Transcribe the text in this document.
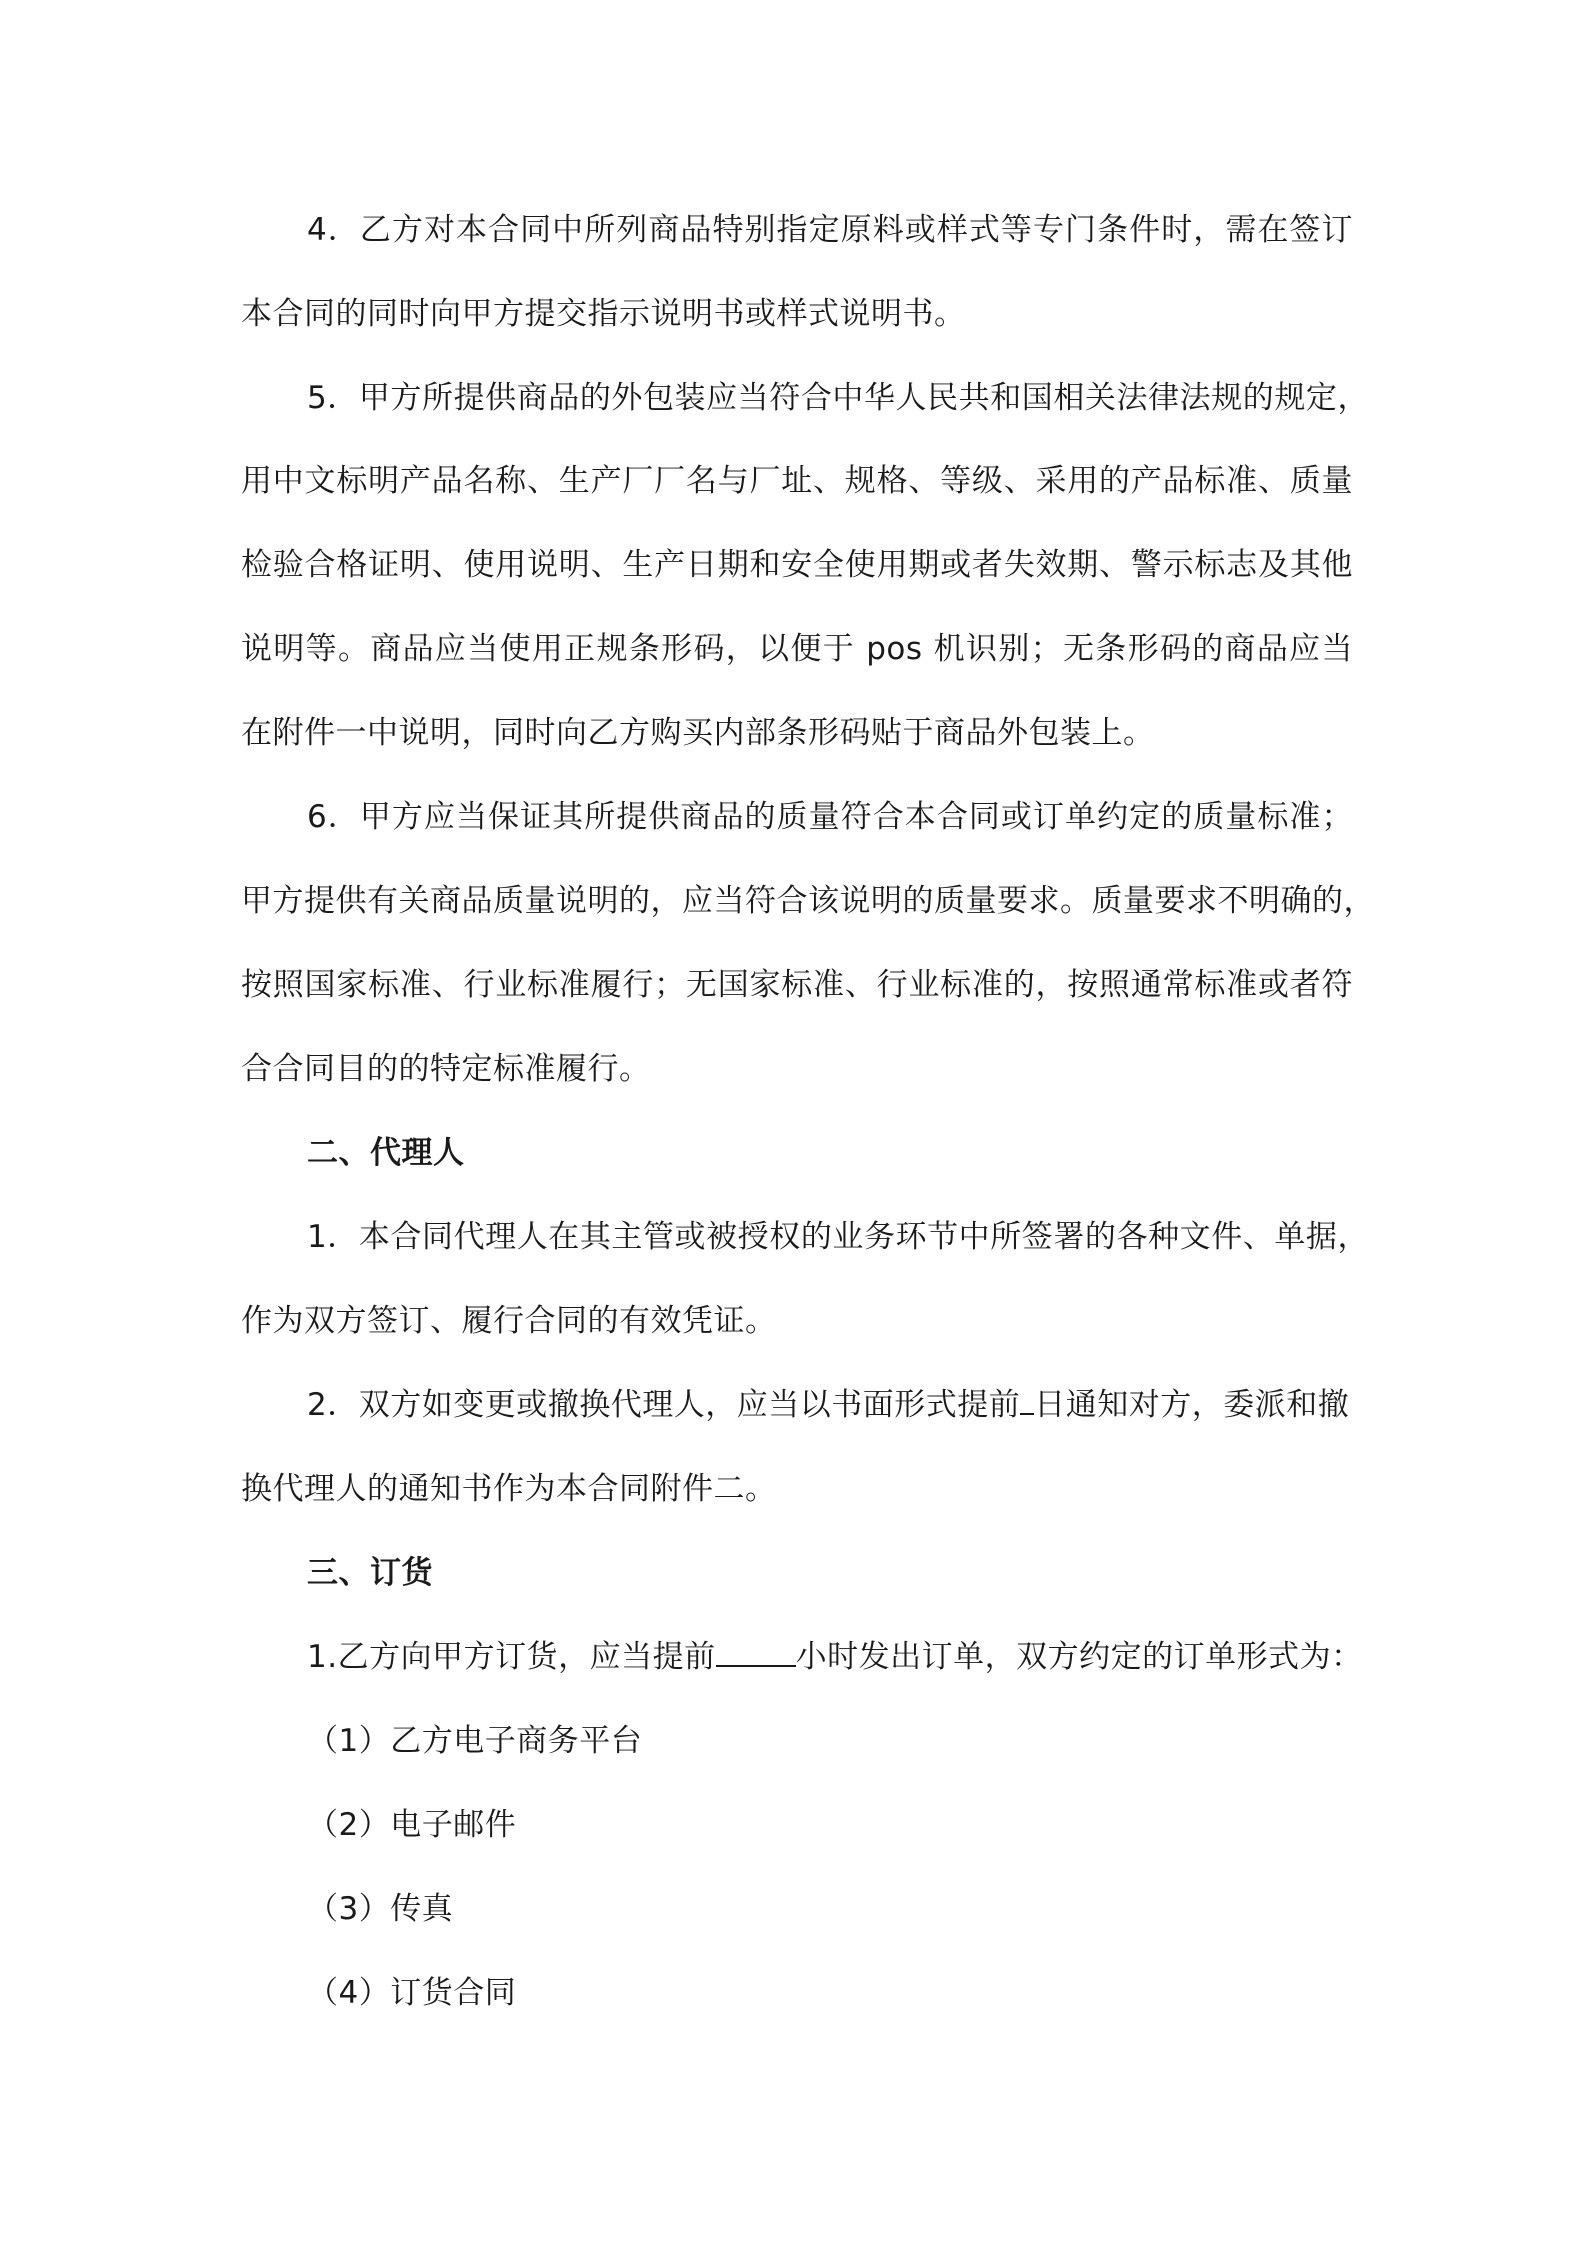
4．乙方对本合同中所列商品特别指定原料或样式等专门条件时，需在签订
本合同的同时向甲方提交指示说明书或样式说明书。
5．甲方所提供商品的外包装应当符合中华人民共和国相关法律法规的规定，
用中文标明产品名称、生产厂厂名与厂址、规格、等级、采用的产品标准、质量
检验合格证明、使用说明、生产日期和安全使用期或者失效期、警示标志及其他
说明等。商品应当使用正规条形码，以便于 pos 机识别；无条形码的商品应当
在附件一中说明，同时向乙方购买内部条形码贴于商品外包装上。
6．甲方应当保证其所提供商品的质量符合本合同或订单约定的质量标准；
甲方提供有关商品质量说明的，应当符合该说明的质量要求。质量要求不明确的，
按照国家标准、行业标准履行；无国家标准、行业标准的，按照通常标准或者符
合合同目的的特定标准履行。
二、代理人
1．本合同代理人在其主管或被授权的业务环节中所签署的各种文件、单据，
作为双方签订、履行合同的有效凭证。
2．双方如变更或撤换代理人，应当以书面形式提前 日通知对方，委派和撤
换代理人的通知书作为本合同附件二。
三、订货
1.乙方向甲方订货，应当提前	小时发出订单，双方约定的订单形式为：
（1）乙方电子商务平台
（2）电子邮件
（3）传真
（4）订货合同
